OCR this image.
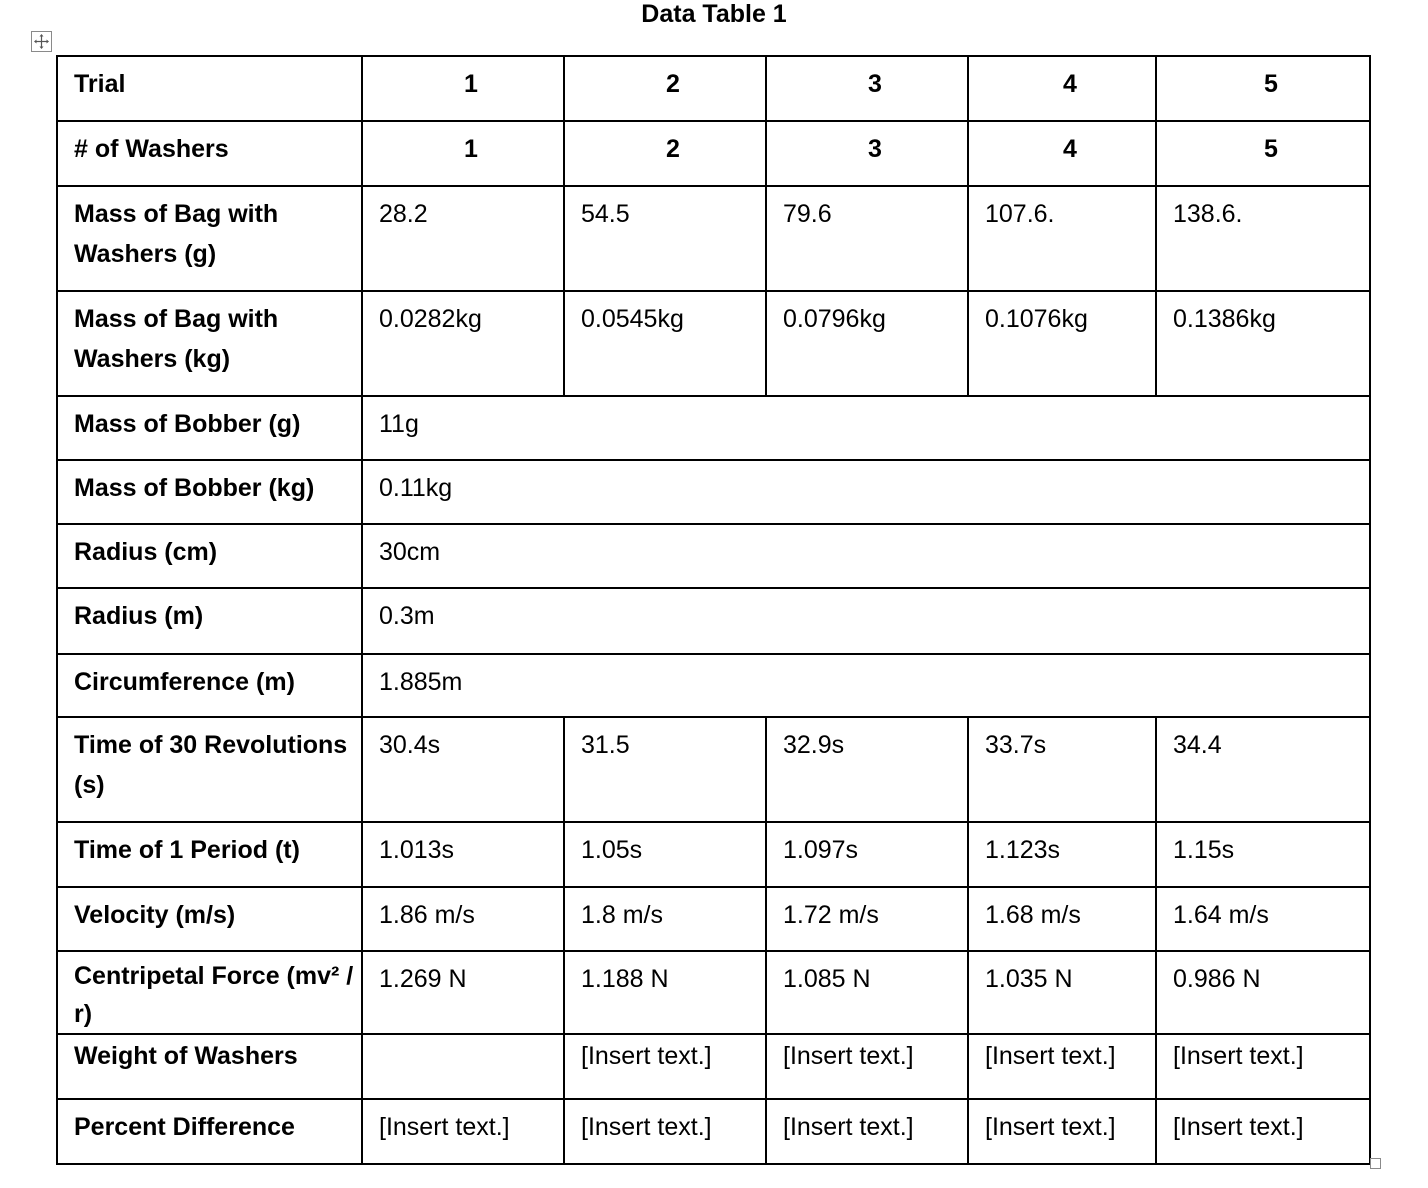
Data Table 1
Trial	1	2	3	4	5
# of Washers	1	2	3	4	5
Mass of Bag with Washers (g)	28.2	54.5	79.6	107.6.	138.6.
Mass of Bag with Washers (kg)	0.0282kg	0.0545kg	0.0796kg	0.1076kg	0.1386kg
Mass of Bobber (g)	11g				
Mass of Bobber (kg)	0.11kg				
Radius (cm)	30cm				
Radius (m)	0.3m				
Circumference (m)	1.885m				
Time of 30 Revolutions (s)	30.4s	31.5	32.9s	33.7s	34.4
Time of 1 Period (t)	1.013s	1.05s	1.097s	1.123s	1.15s
Velocity (m/s)	1.86 m/s	1.8 m/s	1.72 m/s	1.68 m/s	1.64 m/s
Centripetal Force (mv² / r)	1.269 N	1.188 N	1.085 N	1.035 N	0.986 N
Weight of Washers		[Insert text.]	[Insert text.]	[Insert text.]	[Insert text.]
Percent Difference	[Insert text.]	[Insert text.]	[Insert text.]	[Insert text.]	[Insert text.]
